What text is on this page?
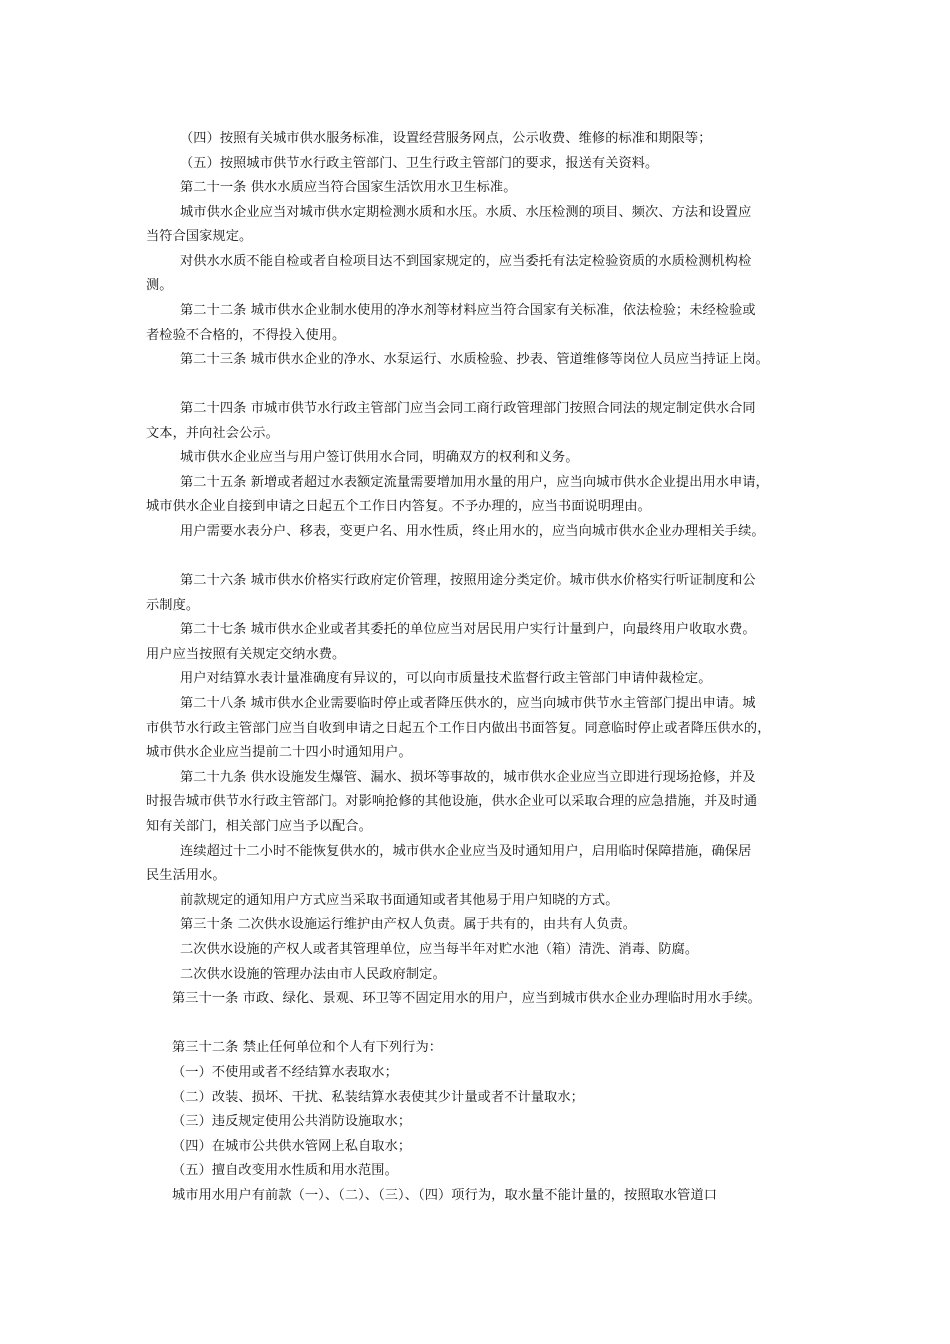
（四）按照有关城市供水服务标准，设置经营服务网点，公示收费、维修的标准和期限等；
（五）按照城市供节水行政主管部门、卫生行政主管部门的要求，报送有关资料。
第二十一条 供水水质应当符合国家生活饮用水卫生标准。
城市供水企业应当对城市供水定期检测水质和水压。水质、水压检测的项目、频次、方法和设置应
当符合国家规定。
对供水水质不能自检或者自检项目达不到国家规定的，应当委托有法定检验资质的水质检测机构检
测。
第二十二条 城市供水企业制水使用的净水剂等材料应当符合国家有关标准，依法检验；未经检验或
者检验不合格的，不得投入使用。
第二十三条 城市供水企业的净水、水泵运行、水质检验、抄表、管道维修等岗位人员应当持证上岗。
第二十四条 市城市供节水行政主管部门应当会同工商行政管理部门按照合同法的规定制定供水合同
文本，并向社会公示。
城市供水企业应当与用户签订供用水合同，明确双方的权利和义务。
第二十五条 新增或者超过水表额定流量需要增加用水量的用户，应当向城市供水企业提出用水申请，
城市供水企业自接到申请之日起五个工作日内答复。不予办理的，应当书面说明理由。
用户需要水表分户、移表，变更户名、用水性质，终止用水的，应当向城市供水企业办理相关手续。
第二十六条 城市供水价格实行政府定价管理，按照用途分类定价。城市供水价格实行听证制度和公
示制度。
第二十七条 城市供水企业或者其委托的单位应当对居民用户实行计量到户，向最终用户收取水费。
用户应当按照有关规定交纳水费。
用户对结算水表计量准确度有异议的，可以向市质量技术监督行政主管部门申请仲裁检定。
第二十八条 城市供水企业需要临时停止或者降压供水的，应当向城市供节水主管部门提出申请。城
市供节水行政主管部门应当自收到申请之日起五个工作日内做出书面答复。同意临时停止或者降压供水的，
城市供水企业应当提前二十四小时通知用户。
第二十九条 供水设施发生爆管、漏水、损坏等事故的，城市供水企业应当立即进行现场抢修，并及
时报告城市供节水行政主管部门。对影响抢修的其他设施，供水企业可以采取合理的应急措施，并及时通
知有关部门，相关部门应当予以配合。
连续超过十二小时不能恢复供水的，城市供水企业应当及时通知用户，启用临时保障措施，确保居
民生活用水。
前款规定的通知用户方式应当采取书面通知或者其他易于用户知晓的方式。
第三十条 二次供水设施运行维护由产权人负责。属于共有的，由共有人负责。
二次供水设施的产权人或者其管理单位，应当每半年对贮水池（箱）清洗、消毒、防腐。
二次供水设施的管理办法由市人民政府制定。
第三十一条 市政、绿化、景观、环卫等不固定用水的用户，应当到城市供水企业办理临时用水手续。
第三十二条 禁止任何单位和个人有下列行为：
（一）不使用或者不经结算水表取水；
（二）改装、损坏、干扰、私装结算水表使其少计量或者不计量取水；
（三）违反规定使用公共消防设施取水；
（四）在城市公共供水管网上私自取水；
（五）擅自改变用水性质和用水范围。
城市用水用户有前款（一）、（二）、（三）、（四）项行为，取水量不能计量的，按照取水管道口
